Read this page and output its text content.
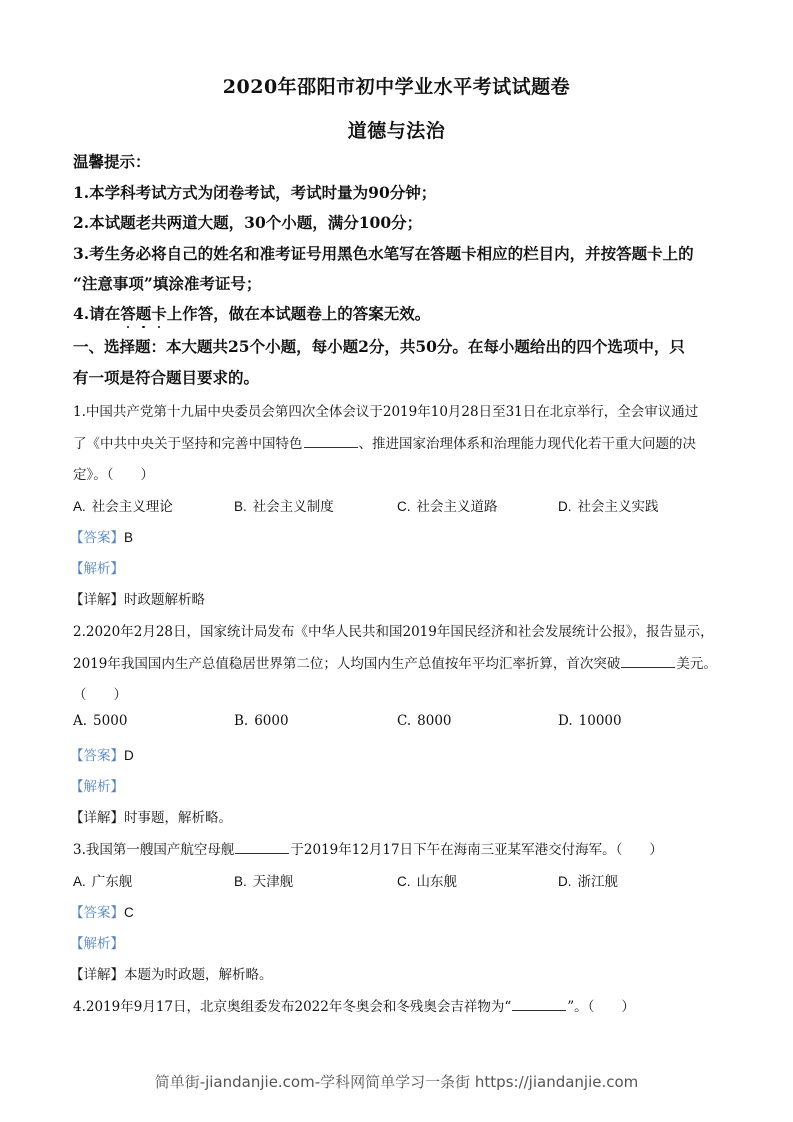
2020年邵阳市初中学业水平考试试题卷
道德与法治
温馨提示：
1.本学科考试方式为闭卷考试，考试时量为90分钟；
2.本试题老共两道大题，30个小题，满分100分；
3.考生务必将自己的姓名和准考证号用黑色水笔写在答题卡相应的栏目内，并按答题卡上的
“注意事项”填涂准考证号；
4.请在答题卡上作答，做在本试题卷上的答案无效。
一、选择题：本大题共25个小题，每小题2分，共50分。在每小题给出的四个选项中，只
有一项是符合题目要求的。
1.中国共产党第十九届中央委员会第四次全体会议于2019年10月28日至31日在北京举行，全会审议通过
了《中共中央关于坚持和完善中国特色	、推进国家治理体系和治理能力现代化若干重大问题的决
定》。（　　）
A. 社会主义理论	B. 社会主义制度	C. 社会主义道路	D. 社会主义实践
【答案】B
【解析】
【详解】时政题解析略
2.2020年2月28日，国家统计局发布《中华人民共和国2019年国民经济和社会发展统计公报》，报告显示，
2019年我国国内生产总值稳居世界第二位；人均国内生产总值按年平均汇率折算，首次突破	美元。
（　　）
A. 5000	B. 6000	C. 8000	D. 10000
【答案】D
【解析】
【详解】时事题，解析略。
3.我国第一艘国产航空母舰	于2019年12月17日下午在海南三亚某军港交付海军。（　　）
A. 广东舰	B. 天津舰	C. 山东舰	D. 浙江舰
【答案】C
【解析】
【详解】本题为时政题，解析略。
4.2019年9月17日，北京奥组委发布2022年冬奥会和冬残奥会吉祥物为“	”。（　　）
简单街-jiandanjie.com-学科网简单学习一条街 https://jiandanjie.com
